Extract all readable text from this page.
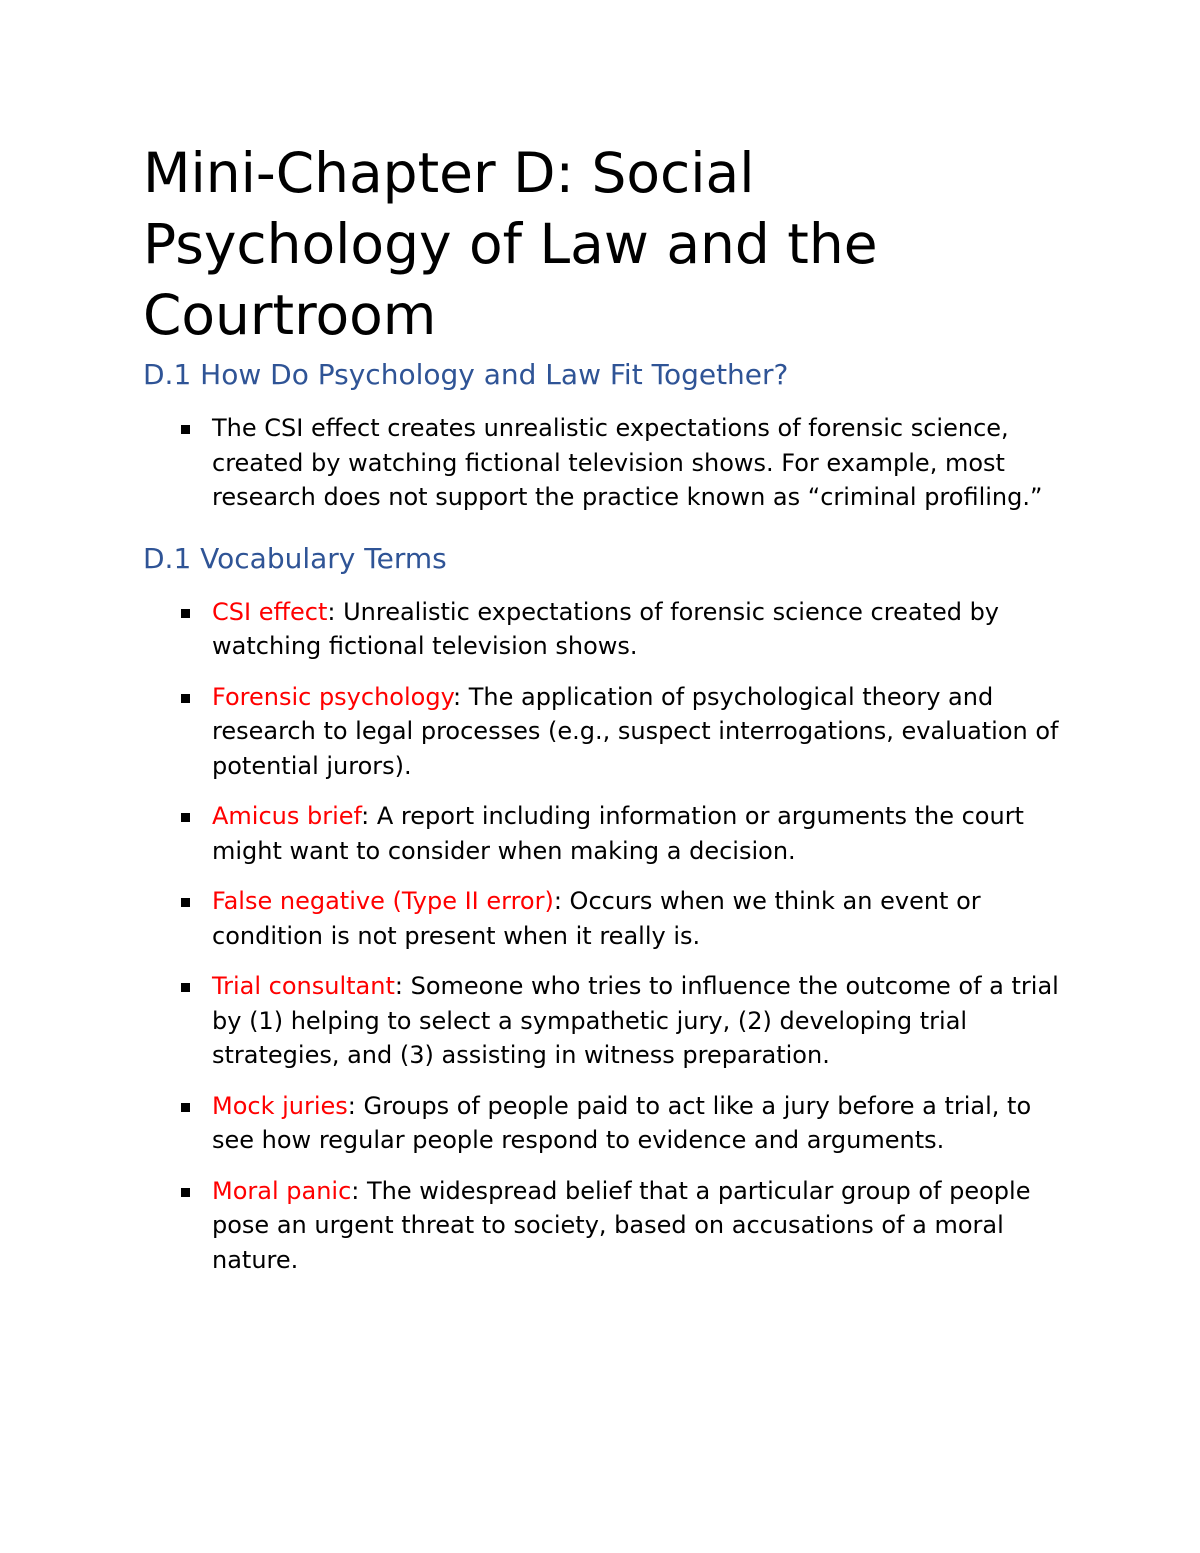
Mini-Chapter D: Social Psychology of Law and the Courtroom
D.1 How Do Psychology and Law Fit Together?
The CSI effect creates unrealistic expectations of forensic science, created by watching fictional television shows. For example, most research does not support the practice known as “criminal profiling.”
D.1 Vocabulary Terms
CSI effect: Unrealistic expectations of forensic science created by watching fictional television shows.
Forensic psychology: The application of psychological theory and research to legal processes (e.g., suspect interrogations, evaluation of potential jurors).
Amicus brief: A report including information or arguments the court might want to consider when making a decision.
False negative (Type II error): Occurs when we think an event or condition is not present when it really is.
Trial consultant: Someone who tries to influence the outcome of a trial by (1) helping to select a sympathetic jury, (2) developing trial strategies, and (3) assisting in witness preparation.
Mock juries: Groups of people paid to act like a jury before a trial, to see how regular people respond to evidence and arguments.
Moral panic: The widespread belief that a particular group of people pose an urgent threat to society, based on accusations of a moral nature.
